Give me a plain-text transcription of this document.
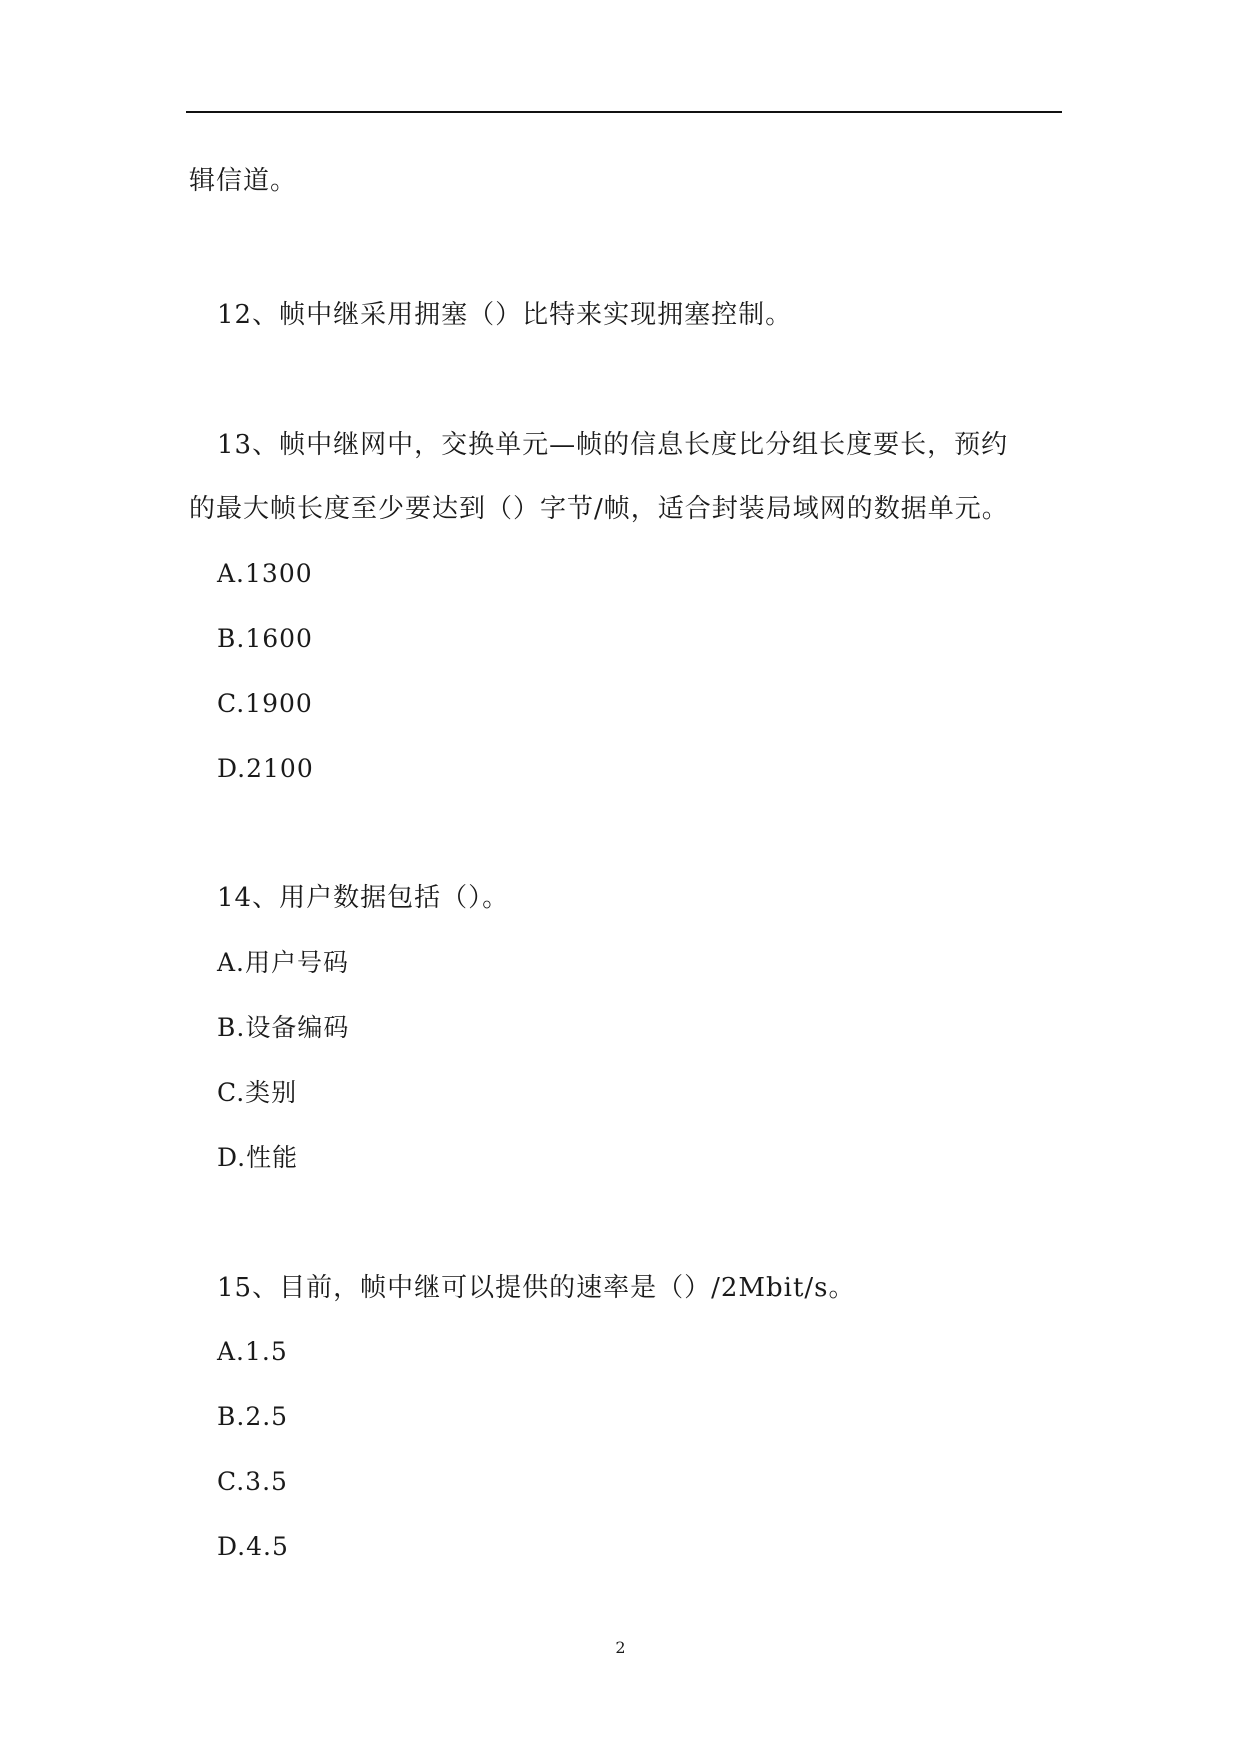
辑信道。
12、帧中继采用拥塞（）比特来实现拥塞控制。
13、帧中继网中，交换单元—帧的信息长度比分组长度要长，预约
的最大帧长度至少要达到（）字节/帧，适合封装局域网的数据单元。
A.1300
B.1600
C.1900
D.2100
14、用户数据包括（）。
A.用户号码
B.设备编码
C.类别
D.性能
15、目前，帧中继可以提供的速率是（）/2Mbit/s。
A.1.5
B.2.5
C.3.5
D.4.5
2
